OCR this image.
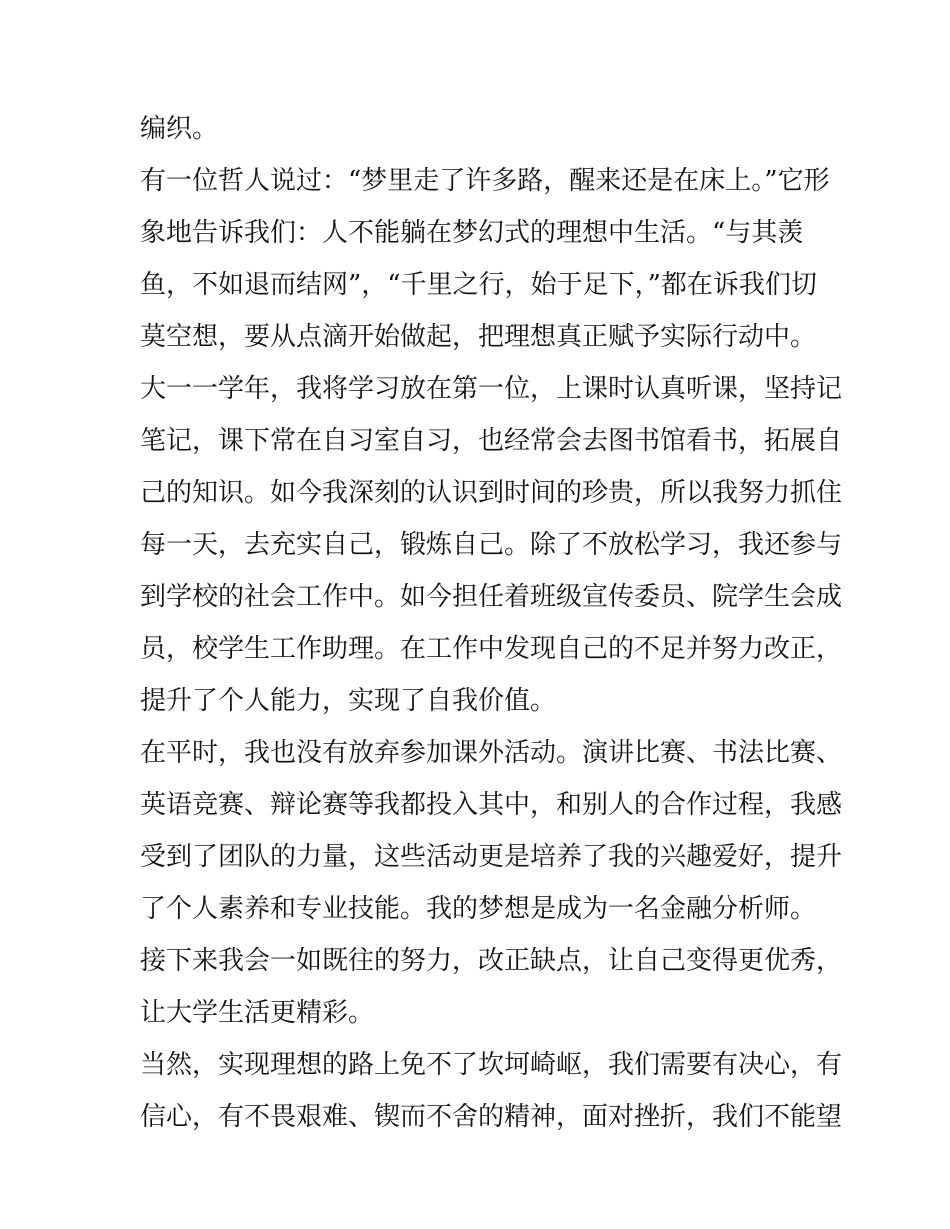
编织。
有一位哲人说过：“梦里走了许多路，醒来还是在床上。”它形
象地告诉我们：人不能躺在梦幻式的理想中生活。“与其羡
鱼，不如退而结网”，“千里之行，始于足下，”都在诉我们切
莫空想，要从点滴开始做起，把理想真正赋予实际行动中。
大一一学年，我将学习放在第一位，上课时认真听课，坚持记
笔记，课下常在自习室自习，也经常会去图书馆看书，拓展自
己的知识。如今我深刻的认识到时间的珍贵，所以我努力抓住
每一天，去充实自己，锻炼自己。除了不放松学习，我还参与
到学校的社会工作中。如今担任着班级宣传委员、院学生会成
员，校学生工作助理。在工作中发现自己的不足并努力改正，
提升了个人能力，实现了自我价值。
在平时，我也没有放弃参加课外活动。演讲比赛、书法比赛、
英语竞赛、辩论赛等我都投入其中，和别人的合作过程，我感
受到了团队的力量，这些活动更是培养了我的兴趣爱好，提升
了个人素养和专业技能。我的梦想是成为一名金融分析师。
接下来我会一如既往的努力，改正缺点，让自己变得更优秀，
让大学生活更精彩。
当然，实现理想的路上免不了坎坷崎岖，我们需要有决心，有
信心，有不畏艰难、锲而不舍的精神，面对挫折，我们不能望
